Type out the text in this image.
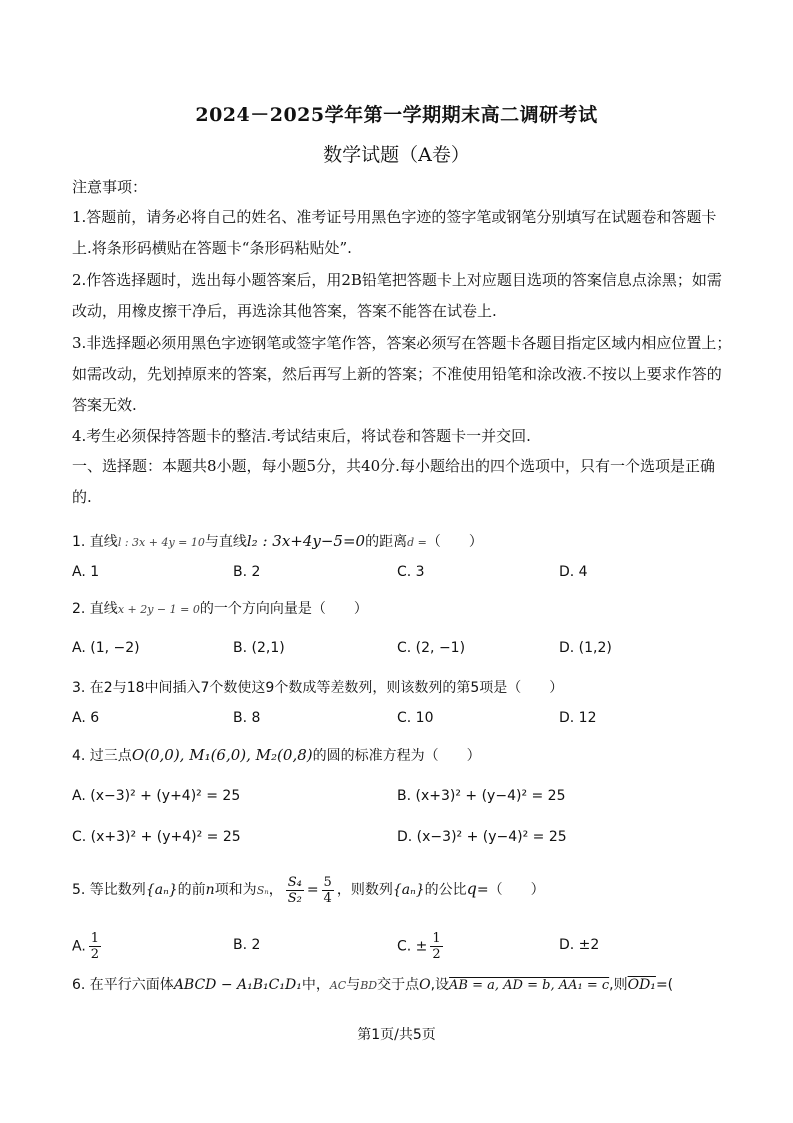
2024－2025学年第一学期期末高二调研考试
数学试题（A卷）
注意事项：
1.答题前，请务必将自己的姓名、准考证号用黑色字迹的签字笔或钢笔分别填写在试题卷和答题卡上.将条形码横贴在答题卡“条形码粘贴处”.
2.作答选择题时，选出每小题答案后，用2B铅笔把答题卡上对应题目选项的答案信息点涂黑；如需改动，用橡皮擦干净后，再选涂其他答案，答案不能答在试卷上.
3.非选择题必须用黑色字迹钢笔或签字笔作答，答案必须写在答题卡各题目指定区域内相应位置上；如需改动，先划掉原来的答案，然后再写上新的答案；不准使用铅笔和涂改液.不按以上要求作答的答案无效.
4.考生必须保持答题卡的整洁.考试结束后，将试卷和答题卡一并交回.
一、选择题：本题共8小题，每小题5分，共40分.每小题给出的四个选项中，只有一个选项是正确的.
1. 直线l : 3x + 4y = 10与直线l₂ : 3x+4y−5=0的距离d =（　　）
A. 1	B. 2	C. 3	D. 4
2. 直线x + 2y − 1 = 0的一个方向向量是（　　）
A. (1, −2)	B. (2,1)	C. (2, −1)	D. (1,2)
3. 在2与18中间插入7个数使这9个数成等差数列，则该数列的第5项是（　　）
A. 6	B. 8	C. 10	D. 12
4. 过三点O(0,0), M₁(6,0), M₂(0,8)的圆的标准方程为（　　）
A. (x−3)² + (y+4)² = 25	B. (x+3)² + (y−4)² = 25
C. (x+3)² + (y+4)² = 25	D. (x−3)² + (y−4)² = 25
5. 等比数列{aₙ}的前n项和为Sₙ， $\frac{\text{S₄}}{\text{S₂}} = \frac{5}{4}$ ，则数列{aₙ}的公比q=（　　）
A. $\frac{1}{2}$	B. 2	C. ± $\frac{1}{2}$	D. ±2
6. 在平行六面体ABCD − A₁B₁C₁D₁中，AC与BD交于点O,设AB = a, AD = b, AA₁ = c,则OD₁=(
第1页/共5页
